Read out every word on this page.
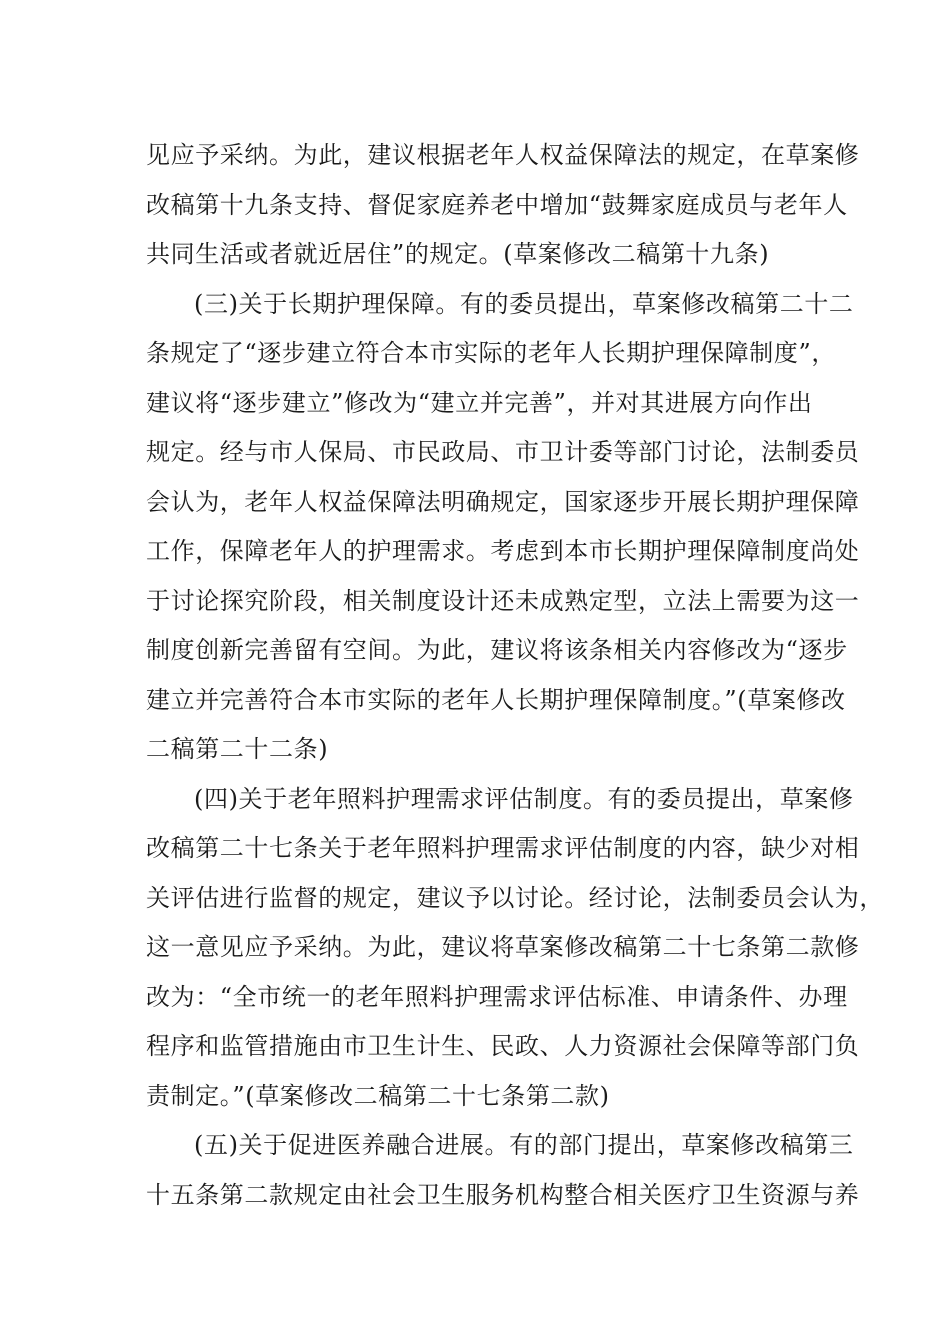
见应予采纳。为此，建议根据老年人权益保障法的规定，在草案修
改稿第十九条支持、督促家庭养老中增加“鼓舞家庭成员与老年人
共同生活或者就近居住”的规定。(草案修改二稿第十九条)
(三)关于长期护理保障。有的委员提出，草案修改稿第二十二
条规定了“逐步建立符合本市实际的老年人长期护理保障制度”，
建议将“逐步建立”修改为“建立并完善”，并对其进展方向作出
规定。经与市人保局、市民政局、市卫计委等部门讨论，法制委员
会认为，老年人权益保障法明确规定，国家逐步开展长期护理保障
工作，保障老年人的护理需求。考虑到本市长期护理保障制度尚处
于讨论探究阶段，相关制度设计还未成熟定型，立法上需要为这一
制度创新完善留有空间。为此，建议将该条相关内容修改为“逐步
建立并完善符合本市实际的老年人长期护理保障制度。”(草案修改
二稿第二十二条)
(四)关于老年照料护理需求评估制度。有的委员提出，草案修
改稿第二十七条关于老年照料护理需求评估制度的内容，缺少对相
关评估进行监督的规定，建议予以讨论。经讨论，法制委员会认为，
这一意见应予采纳。为此，建议将草案修改稿第二十七条第二款修
改为：“全市统一的老年照料护理需求评估标准、申请条件、办理
程序和监管措施由市卫生计生、民政、人力资源社会保障等部门负
责制定。”(草案修改二稿第二十七条第二款)
(五)关于促进医养融合进展。有的部门提出，草案修改稿第三
十五条第二款规定由社会卫生服务机构整合相关医疗卫生资源与养
